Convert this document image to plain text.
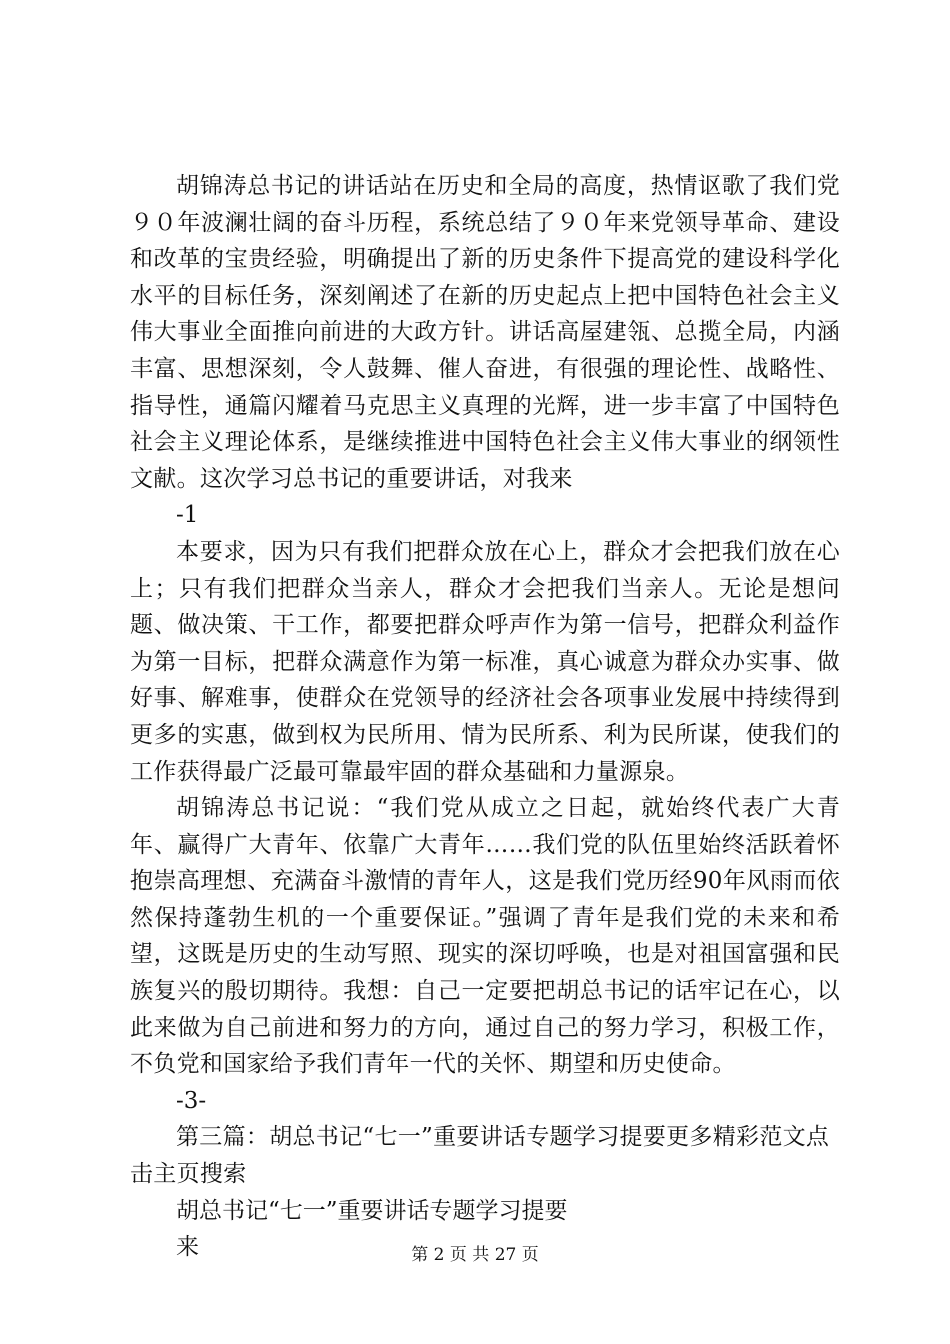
胡锦涛总书记的讲话站在历史和全局的高度，热情讴歌了我们党９０年波澜壮阔的奋斗历程，系统总结了９０年来党领导革命、建设和改革的宝贵经验，明确提出了新的历史条件下提高党的建设科学化水平的目标任务，深刻阐述了在新的历史起点上把中国特色社会主义伟大事业全面推向前进的大政方针。讲话高屋建瓴、总揽全局，内涵丰富、思想深刻，令人鼓舞、催人奋进，有很强的理论性、战略性、指导性，通篇闪耀着马克思主义真理的光辉，进一步丰富了中国特色社会主义理论体系，是继续推进中国特色社会主义伟大事业的纲领性文献。这次学习总书记的重要讲话，对我来

-1

本要求，因为只有我们把群众放在心上，群众才会把我们放在心上；只有我们把群众当亲人，群众才会把我们当亲人。无论是想问题、做决策、干工作，都要把群众呼声作为第一信号，把群众利益作为第一目标，把群众满意作为第一标准，真心诚意为群众办实事、做好事、解难事，使群众在党领导的经济社会各项事业发展中持续得到更多的实惠，做到权为民所用、情为民所系、利为民所谋，使我们的工作获得最广泛最可靠最牢固的群众基础和力量源泉。

胡锦涛总书记说：“我们党从成立之日起，就始终代表广大青年、赢得广大青年、依靠广大青年……我们党的队伍里始终活跃着怀抱崇高理想、充满奋斗激情的青年人，这是我们党历经90年风雨而依然保持蓬勃生机的一个重要保证。”强调了青年是我们党的未来和希望，这既是历史的生动写照、现实的深切呼唤，也是对祖国富强和民族复兴的殷切期待。我想：自己一定要把胡总书记的话牢记在心，以此来做为自己前进和努力的方向，通过自己的努力学习，积极工作，不负党和国家给予我们青年一代的关怀、期望和历史使命。

-3-

第三篇：胡总书记“七一”重要讲话专题学习提要更多精彩范文点击主页搜索

胡总书记“七一”重要讲话专题学习提要

来	第 2 页 共 27 页
